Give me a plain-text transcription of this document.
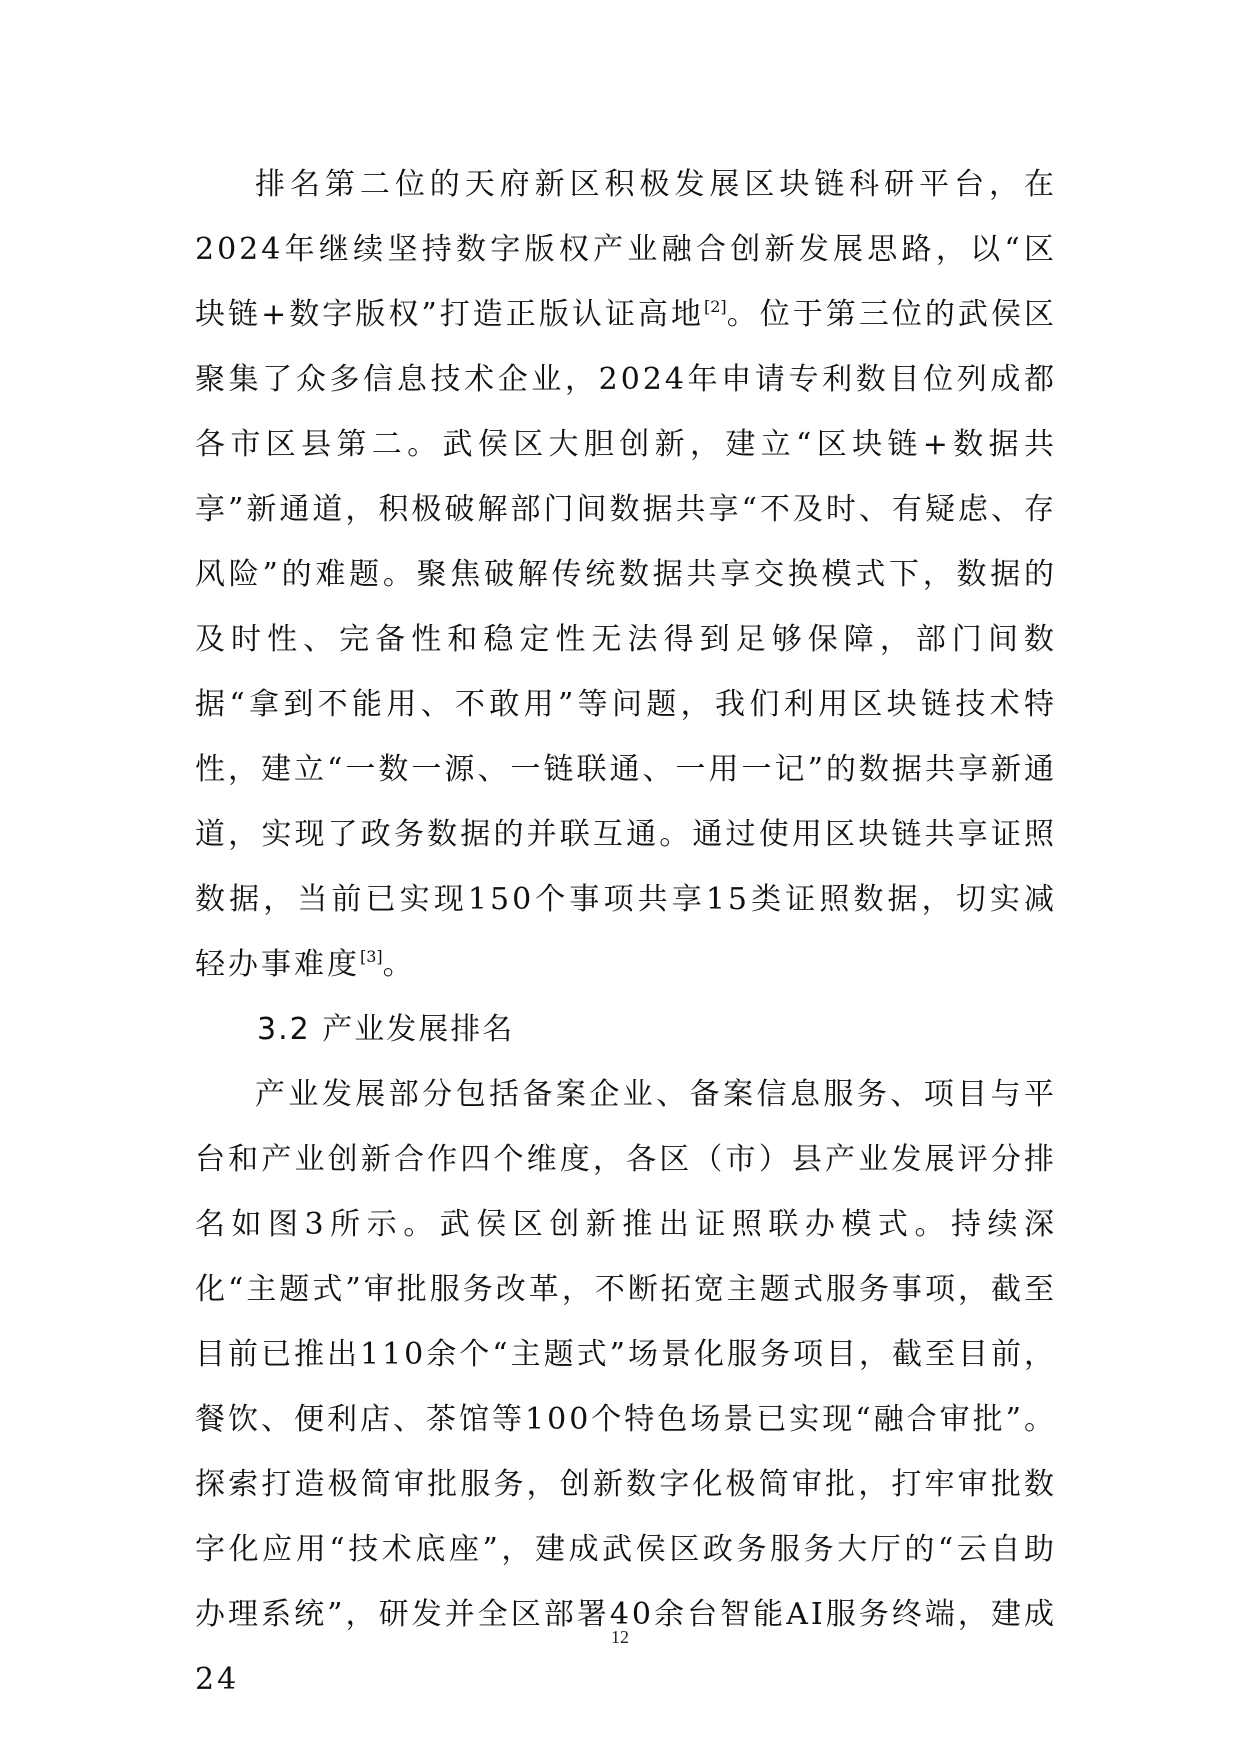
排名第二位的天府新区积极发展区块链科研平台，在2024年继续坚持数字版权产业融合创新发展思路，以“区块链+数字版权”打造正版认证高地[2]。位于第三位的武侯区聚集了众多信息技术企业，2024年申请专利数目位列成都各市区县第二。武侯区大胆创新，建立“区块链+数据共享”新通道，积极破解部门间数据共享“不及时、有疑虑、存风险”的难题。聚焦破解传统数据共享交换模式下，数据的及时性、完备性和稳定性无法得到足够保障，部门间数据“拿到不能用、不敢用”等问题，我们利用区块链技术特性，建立“一数一源、一链联通、一用一记”的数据共享新通道，实现了政务数据的并联互通。通过使用区块链共享证照数据，当前已实现150个事项共享15类证照数据，切实减轻办事难度[3]。

3.2 产业发展排名

产业发展部分包括备案企业、备案信息服务、项目与平台和产业创新合作四个维度，各区（市）县产业发展评分排名如图3所示。武侯区创新推出证照联办模式。持续深化“主题式”审批服务改革，不断拓宽主题式服务事项，截至目前已推出110余个“主题式”场景化服务项目，截至目前，餐饮、便利店、茶馆等100个特色场景已实现“融合审批”。探索打造极简审批服务，创新数字化极简审批，打牢审批数字化应用“技术底座”，建成武侯区政务服务大厅的“云自助办理系统”，研发并全区部署40余台智能AI服务终端，建成24

12
